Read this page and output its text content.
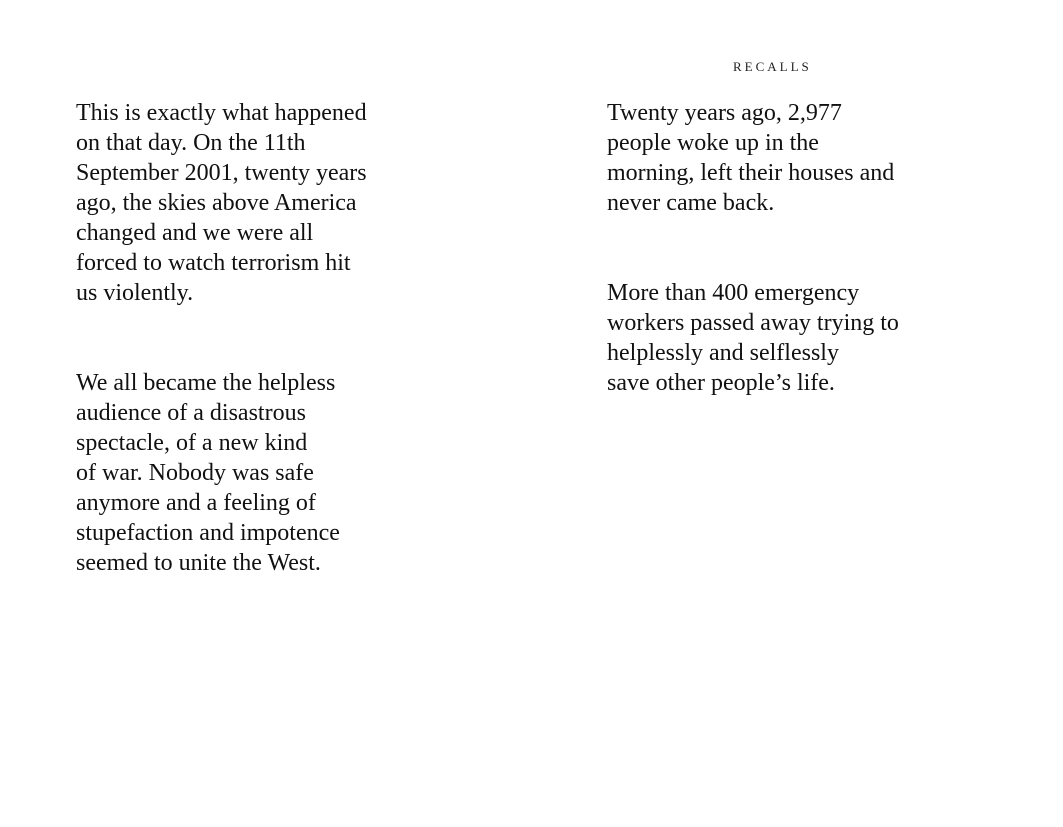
This is exactly what happened
on that day. On the 11th
September 2001, twenty years
ago, the skies above America
changed and we were all
forced to watch terrorism hit
us violently.

We all became the helpless
audience of a disastrous
spectacle, of a new kind
of war. Nobody was safe
anymore and a feeling of
stupefaction and impotence
seemed to unite the West.

Twenty years ago, 2,977
people woke up in the
morning, left their houses and
never came back.

More than 400 emergency
workers passed away trying to
helplessly and selflessly
save other people’s life.

RECALLS
